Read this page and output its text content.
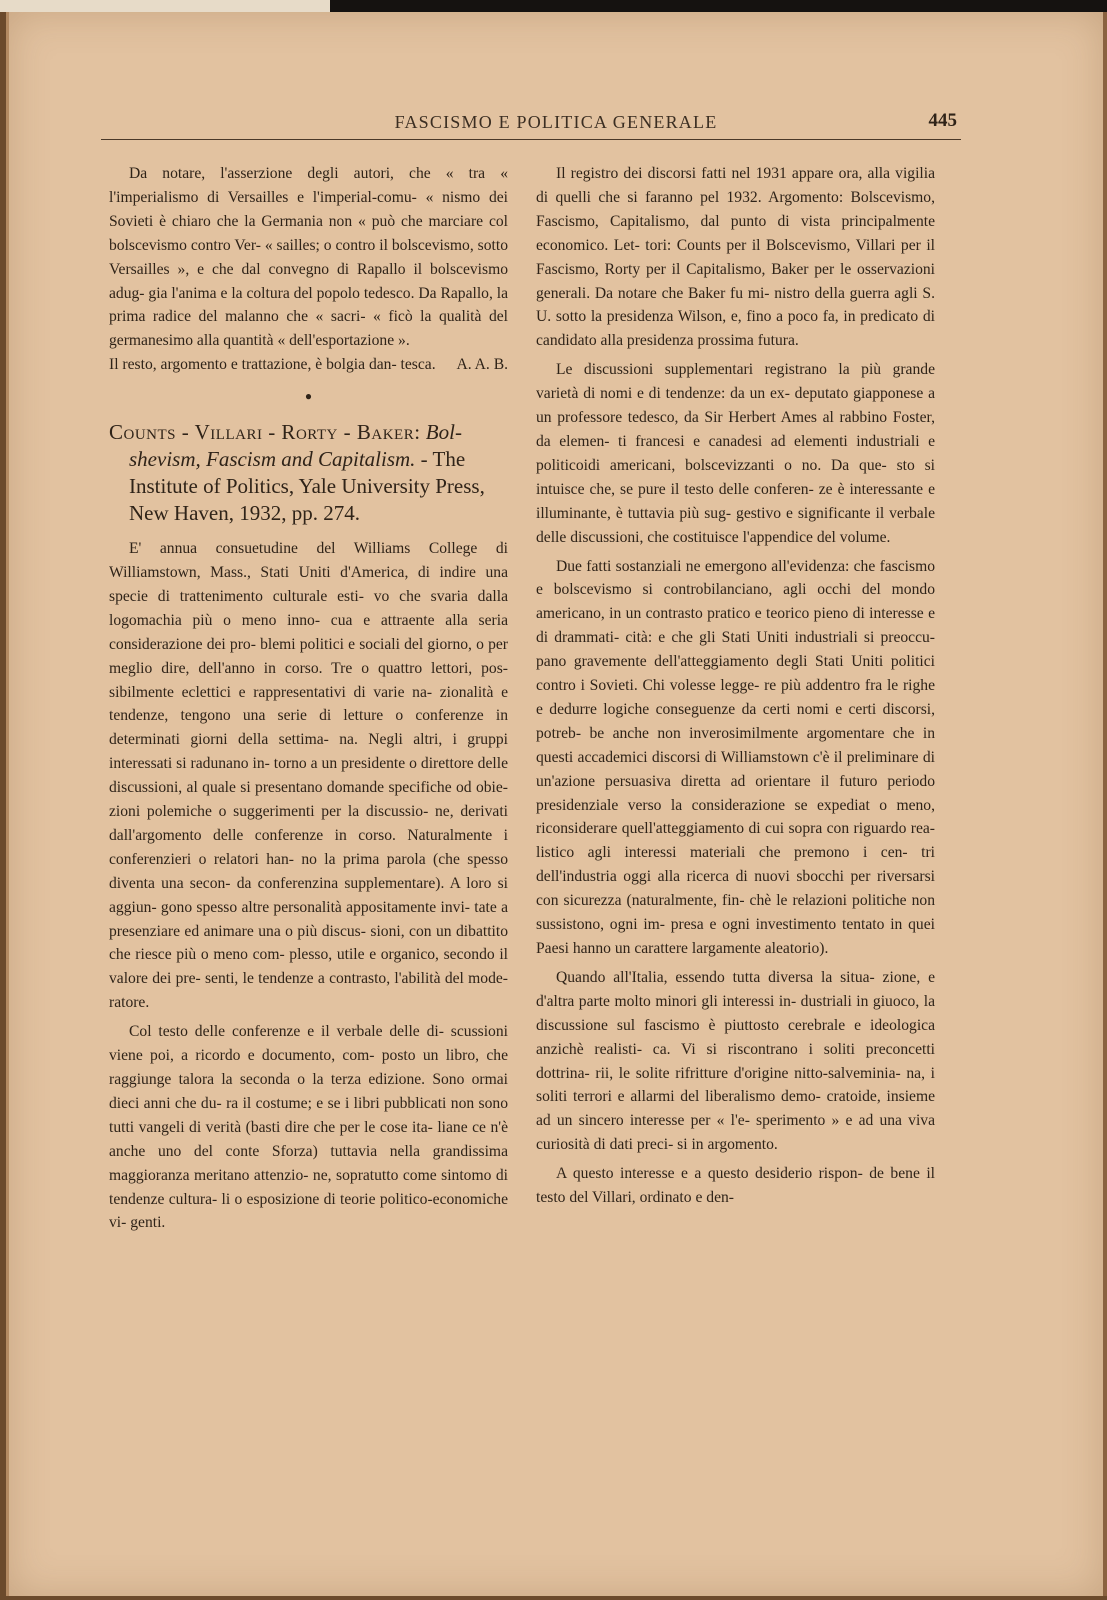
FASCISMO E POLITICA GENERALE	445

Da notare, l'asserzione degli autori, che « tra « l'imperialismo di Versailles e l'imperial-comu- « nismo dei Sovieti è chiaro che la Germania non « può che marciare col bolscevismo contro Ver- « sailles; o contro il bolscevismo, sotto Versailles », e che dal convegno di Rapallo il bolscevismo adug- gia l'anima e la coltura del popolo tedesco. Da Rapallo, la prima radice del malanno che « sacri- « ficò la qualità del germanesimo alla quantità « dell'esportazione ».

Il resto, argomento e trattazione, è bolgia dan- tesca. A. A. B.

●
Counts - Villari - Rorty - Baker: Bol- shevism, Fascism and Capitalism. - The Institute of Politics, Yale University Press, New Haven, 1932, pp. 274.

E' annua consuetudine del Williams College di Williamstown, Mass., Stati Uniti d'America, di indire una specie di trattenimento culturale esti- vo che svaria dalla logomachia più o meno inno- cua e attraente alla seria considerazione dei pro- blemi politici e sociali del giorno, o per meglio dire, dell'anno in corso. Tre o quattro lettori, pos- sibilmente eclettici e rappresentativi di varie na- zionalità e tendenze, tengono una serie di letture o conferenze in determinati giorni della settima- na. Negli altri, i gruppi interessati si radunano in- torno a un presidente o direttore delle discussioni, al quale si presentano domande specifiche od obie- zioni polemiche o suggerimenti per la discussio- ne, derivati dall'argomento delle conferenze in corso. Naturalmente i conferenzieri o relatori han- no la prima parola (che spesso diventa una secon- da conferenzina supplementare). A loro si aggiun- gono spesso altre personalità appositamente invi- tate a presenziare ed animare una o più discus- sioni, con un dibattito che riesce più o meno com- plesso, utile e organico, secondo il valore dei pre- senti, le tendenze a contrasto, l'abilità del mode- ratore.

Col testo delle conferenze e il verbale delle di- scussioni viene poi, a ricordo e documento, com- posto un libro, che raggiunge talora la seconda o la terza edizione. Sono ormai dieci anni che du- ra il costume; e se i libri pubblicati non sono tutti vangeli di verità (basti dire che per le cose ita- liane ce n'è anche uno del conte Sforza) tuttavia nella grandissima maggioranza meritano attenzio- ne, sopratutto come sintomo di tendenze cultura- li o esposizione di teorie politico-economiche vi- genti.

Il registro dei discorsi fatti nel 1931 appare ora, alla vigilia di quelli che si faranno pel 1932. Argomento: Bolscevismo, Fascismo, Capitalismo, dal punto di vista principalmente economico. Let- tori: Counts per il Bolscevismo, Villari per il Fascismo, Rorty per il Capitalismo, Baker per le osservazioni generali. Da notare che Baker fu mi- nistro della guerra agli S. U. sotto la presidenza Wilson, e, fino a poco fa, in predicato di candidato alla presidenza prossima futura.

Le discussioni supplementari registrano la più grande varietà di nomi e di tendenze: da un ex- deputato giapponese a un professore tedesco, da Sir Herbert Ames al rabbino Foster, da elemen- ti francesi e canadesi ad elementi industriali e politicoidi americani, bolscevizzanti o no. Da que- sto si intuisce che, se pure il testo delle conferen- ze è interessante e illuminante, è tuttavia più sug- gestivo e significante il verbale delle discussioni, che costituisce l'appendice del volume.

Due fatti sostanziali ne emergono all'evidenza: che fascismo e bolscevismo si controbilanciano, agli occhi del mondo americano, in un contrasto pratico e teorico pieno di interesse e di drammati- cità: e che gli Stati Uniti industriali si preoccu- pano gravemente dell'atteggiamento degli Stati Uniti politici contro i Sovieti. Chi volesse legge- re più addentro fra le righe e dedurre logiche conseguenze da certi nomi e certi discorsi, potreb- be anche non inverosimilmente argomentare che in questi accademici discorsi di Williamstown c'è il preliminare di un'azione persuasiva diretta ad orientare il futuro periodo presidenziale verso la considerazione se expediat o meno, riconsiderare quell'atteggiamento di cui sopra con riguardo rea- listico agli interessi materiali che premono i cen- tri dell'industria oggi alla ricerca di nuovi sbocchi per riversarsi con sicurezza (naturalmente, fin- chè le relazioni politiche non sussistono, ogni im- presa e ogni investimento tentato in quei Paesi hanno un carattere largamente aleatorio).

Quando all'Italia, essendo tutta diversa la situa- zione, e d'altra parte molto minori gli interessi in- dustriali in giuoco, la discussione sul fascismo è piuttosto cerebrale e ideologica anzichè realisti- ca. Vi si riscontrano i soliti preconcetti dottrina- rii, le solite rifritture d'origine nitto-salveminia- na, i soliti terrori e allarmi del liberalismo demo- cratoide, insieme ad un sincero interesse per « l'e- sperimento » e ad una viva curiosità di dati preci- si in argomento.

A questo interesse e a questo desiderio rispon- de bene il testo del Villari, ordinato e den-
